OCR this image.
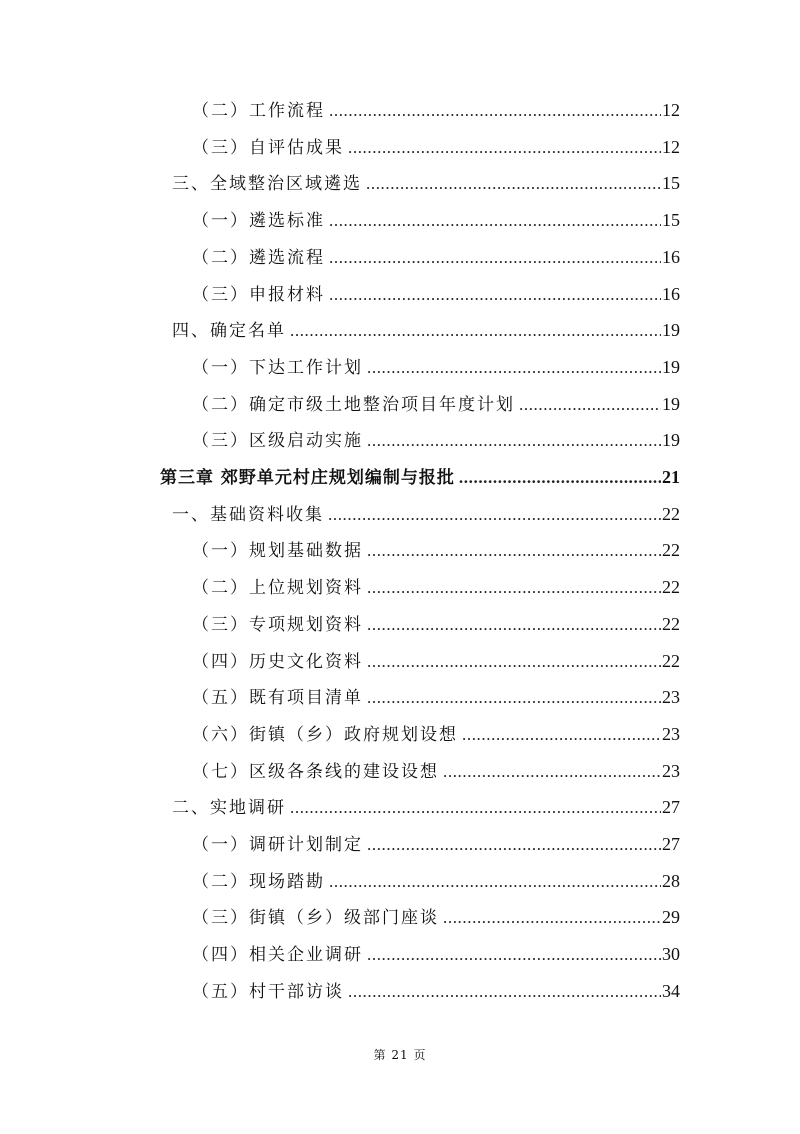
（二）工作流程 .....	12
（三）自评估成果 .....	12
三、全域整治区域遴选 .....	15
（一）遴选标准 .....	15
（二）遴选流程 .....	16
（三）申报材料 .....	16
四、确定名单 .....	19
（一）下达工作计划 .....	19
（二）确定市级土地整治项目年度计划 .....	19
（三）区级启动实施 .....	19
第三章 郊野单元村庄规划编制与报批 .....	21
一、基础资料收集 .....	22
（一）规划基础数据 .....	22
（二）上位规划资料 .....	22
（三）专项规划资料 .....	22
（四）历史文化资料 .....	22
（五）既有项目清单 .....	23
（六）街镇（乡）政府规划设想 .....	23
（七）区级各条线的建设设想 .....	23
二、实地调研 .....	27
（一）调研计划制定 .....	27
（二）现场踏勘 .....	28
（三）街镇（乡）级部门座谈 .....	29
（四）相关企业调研 .....	30
（五）村干部访谈 .....	34
第 21 页
